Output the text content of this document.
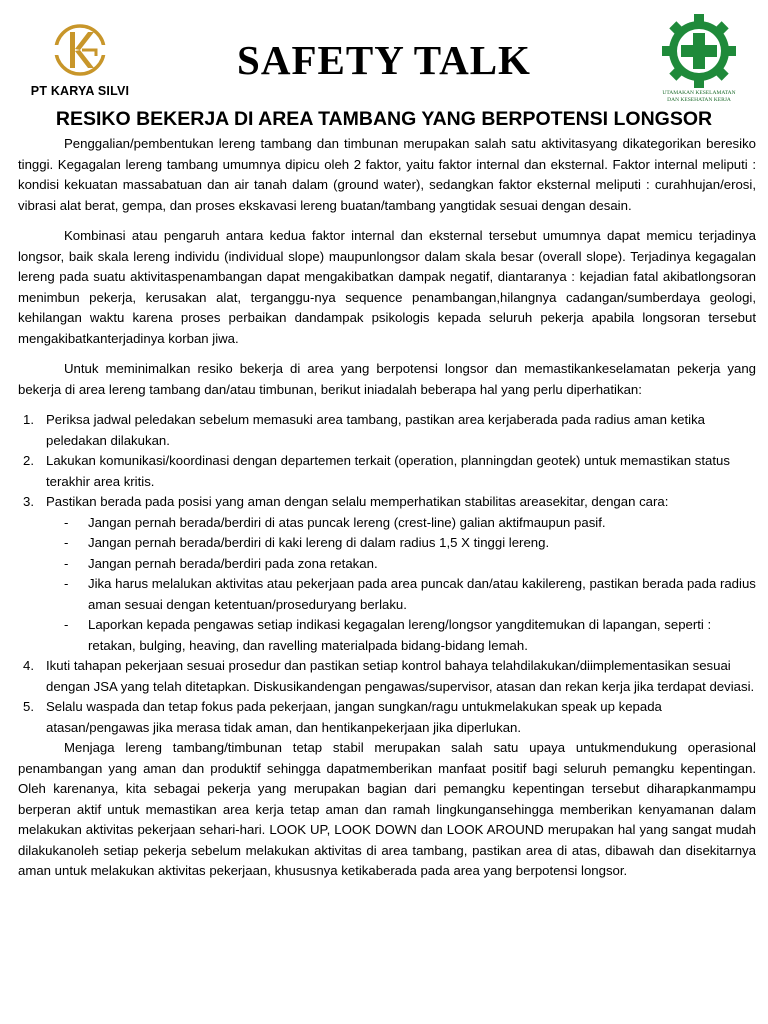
PT KARYA SILVI
SAFETY TALK
UTAMAKAN KESELAMATAN
DAN KESEHATAN KERJA
RESIKO BEKERJA DI AREA TAMBANG YANG BERPOTENSI LONGSOR

Penggalian/pembentukan lereng tambang dan timbunan merupakan salah satu aktivitasyang dikategorikan beresiko tinggi. Kegagalan lereng tambang umumnya dipicu oleh 2 faktor, yaitu faktor internal dan eksternal. Faktor internal meliputi : kondisi kekuatan massabatuan dan air tanah dalam (ground water), sedangkan faktor eksternal meliputi : curahhujan/erosi, vibrasi alat berat, gempa, dan proses ekskavasi lereng buatan/tambang yangtidak sesuai dengan desain.

Kombinasi atau pengaruh antara kedua faktor internal dan eksternal tersebut umumnya dapat memicu terjadinya longsor, baik skala lereng individu (individual slope) maupunlongsor dalam skala besar (overall slope). Terjadinya kegagalan lereng pada suatu aktivitaspenambangan dapat mengakibatkan dampak negatif, diantaranya : kejadian fatal akibatlongsoran menimbun pekerja, kerusakan alat, terganggu-nya sequence penambangan,hilangnya cadangan/sumberdaya geologi, kehilangan waktu karena proses perbaikan dandampak psikologis kepada seluruh pekerja apabila longsoran tersebut mengakibatkanterjadinya korban jiwa.

Untuk meminimalkan resiko bekerja di area yang berpotensi longsor dan memastikankeselamatan pekerja yang bekerja di area lereng tambang dan/atau timbunan, berikut iniadalah beberapa hal yang perlu diperhatikan:

1. Periksa jadwal peledakan sebelum memasuki area tambang, pastikan area kerjaberada pada radius aman ketika peledakan dilakukan.
2. Lakukan komunikasi/koordinasi dengan departemen terkait (operation, planningdan geotek) untuk memastikan status terakhir area kritis.
3. Pastikan berada pada posisi yang aman dengan selalu memperhatikan stabilitas areasekitar, dengan cara:
- Jangan pernah berada/berdiri di atas puncak lereng (crest-line) galian aktifmaupun pasif.
- Jangan pernah berada/berdiri di kaki lereng di dalam radius 1,5 X tinggi lereng.
- Jangan pernah berada/berdiri pada zona retakan.
- Jika harus melalukan aktivitas atau pekerjaan pada area puncak dan/atau kakilereng, pastikan berada pada radius aman sesuai dengan ketentuan/proseduryang berlaku.
- Laporkan kepada pengawas setiap indikasi kegagalan lereng/longsor yangditemukan di lapangan, seperti : retakan, bulging, heaving, dan ravelling materialpada bidang-bidang lemah.
4. Ikuti tahapan pekerjaan sesuai prosedur dan pastikan setiap kontrol bahaya telahdilakukan/diimplementasikan sesuai dengan JSA yang telah ditetapkan. Diskusikandengan pengawas/supervisor, atasan dan rekan kerja jika terdapat deviasi.
5. Selalu waspada dan tetap fokus pada pekerjaan, jangan sungkan/ragu untukmelakukan speak up kepada atasan/pengawas jika merasa tidak aman, dan hentikanpekerjaan jika diperlukan.

Menjaga lereng tambang/timbunan tetap stabil merupakan salah satu upaya untukmendukung operasional penambangan yang aman dan produktif sehingga dapatmemberikan manfaat positif bagi seluruh pemangku kepentingan. Oleh karenanya, kita sebagai pekerja yang merupakan bagian dari pemangku kepentingan tersebut diharapkanmampu berperan aktif untuk memastikan area kerja tetap aman dan ramah lingkungansehingga memberikan kenyamanan dalam melakukan aktivitas pekerjaan sehari-hari. LOOK UP, LOOK DOWN dan LOOK AROUND merupakan hal yang sangat mudah dilakukanoleh setiap pekerja sebelum melakukan aktivitas di area tambang, pastikan area di atas, dibawah dan disekitarnya aman untuk melakukan aktivitas pekerjaan, khususnya ketikaberada pada area yang berpotensi longsor.
